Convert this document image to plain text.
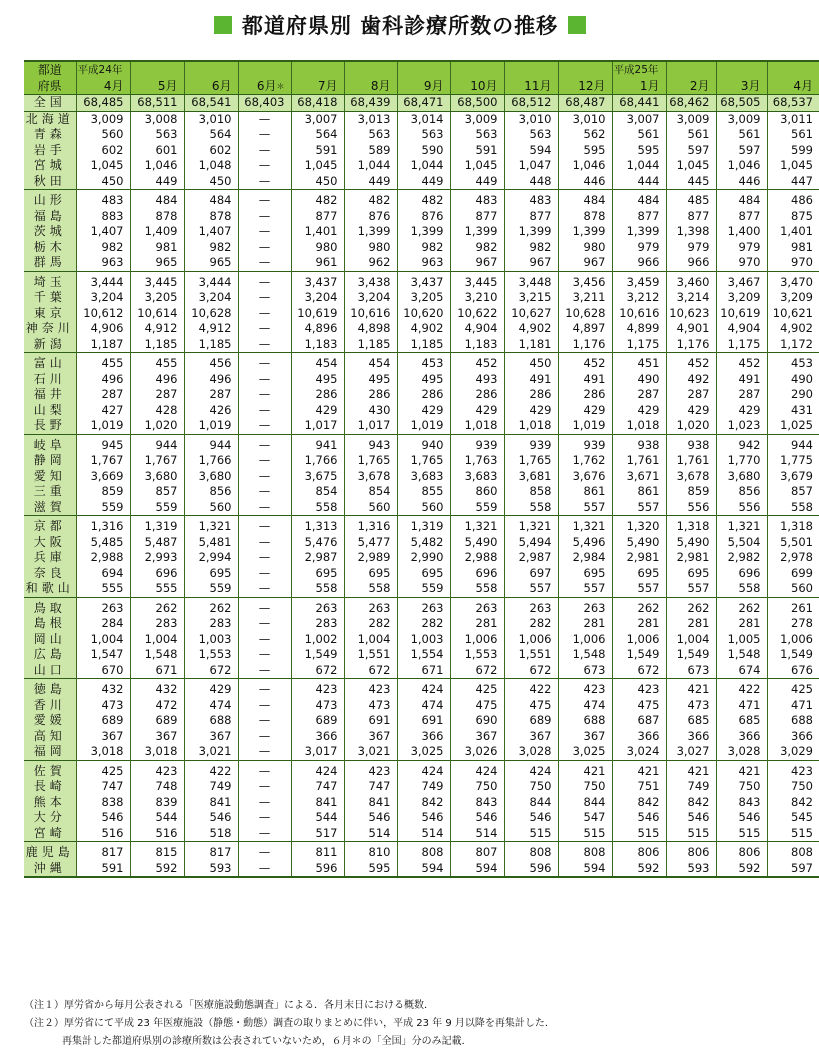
都道府県別 歯科診療所数の推移
都道	平成24年										平成25年			

府県	4月	5月	6月	6月＊	7月	8月	9月	10月	11月	12月	1月	2月	3月	4月
全国	68,485	68,511	68,541	68,403	68,418	68,439	68,471	68,500	68,512	68,487	68,441	68,462	68,505	68,537
北海道	3,009	3,008	3,010	—	3,007	3,013	3,014	3,009	3,010	3,010	3,007	3,009	3,009	3,011
青森	560	563	564	—	564	563	563	563	563	562	561	561	561	561
岩手	602	601	602	—	591	589	590	591	594	595	595	597	597	599
宮城	1,045	1,046	1,048	—	1,045	1,044	1,044	1,045	1,047	1,046	1,044	1,045	1,046	1,045
秋田	450	449	450	—	450	449	449	449	448	446	444	445	446	447
山形	483	484	484	—	482	482	482	483	483	484	484	485	484	486
福島	883	878	878	—	877	876	876	877	877	878	877	877	877	875
茨城	1,407	1,409	1,407	—	1,401	1,399	1,399	1,399	1,399	1,399	1,399	1,398	1,400	1,401
栃木	982	981	982	—	980	980	982	982	982	980	979	979	979	981
群馬	963	965	965	—	961	962	963	967	967	967	966	966	970	970
埼玉	3,444	3,445	3,444	—	3,437	3,438	3,437	3,445	3,448	3,456	3,459	3,460	3,467	3,470
千葉	3,204	3,205	3,204	—	3,204	3,204	3,205	3,210	3,215	3,211	3,212	3,214	3,209	3,209
東京	10,612	10,614	10,628	—	10,619	10,616	10,620	10,622	10,627	10,628	10,616	10,623	10,619	10,621
神奈川	4,906	4,912	4,912	—	4,896	4,898	4,902	4,904	4,902	4,897	4,899	4,901	4,904	4,902
新潟	1,187	1,185	1,185	—	1,183	1,185	1,185	1,183	1,181	1,176	1,175	1,176	1,175	1,172
富山	455	455	456	—	454	454	453	452	450	452	451	452	452	453
石川	496	496	496	—	495	495	495	493	491	491	490	492	491	490
福井	287	287	287	—	286	286	286	286	286	286	287	287	287	290
山梨	427	428	426	—	429	430	429	429	429	429	429	429	429	431
長野	1,019	1,020	1,019	—	1,017	1,017	1,019	1,018	1,018	1,019	1,018	1,020	1,023	1,025
岐阜	945	944	944	—	941	943	940	939	939	939	938	938	942	944
静岡	1,767	1,767	1,766	—	1,766	1,765	1,765	1,763	1,765	1,762	1,761	1,761	1,770	1,775
愛知	3,669	3,680	3,680	—	3,675	3,678	3,683	3,683	3,681	3,676	3,671	3,678	3,680	3,679
三重	859	857	856	—	854	854	855	860	858	861	861	859	856	857
滋賀	559	559	560	—	558	560	560	559	558	557	557	556	556	558
京都	1,316	1,319	1,321	—	1,313	1,316	1,319	1,321	1,321	1,321	1,320	1,318	1,321	1,318
大阪	5,485	5,487	5,481	—	5,476	5,477	5,482	5,490	5,494	5,496	5,490	5,490	5,504	5,501
兵庫	2,988	2,993	2,994	—	2,987	2,989	2,990	2,988	2,987	2,984	2,981	2,981	2,982	2,978
奈良	694	696	695	—	695	695	695	696	697	695	695	695	696	699
和歌山	555	555	559	—	558	558	559	558	557	557	557	557	558	560
鳥取	263	262	262	—	263	263	263	263	263	263	262	262	262	261
島根	284	283	283	—	283	282	282	281	282	281	281	281	281	278
岡山	1,004	1,004	1,003	—	1,002	1,004	1,003	1,006	1,006	1,006	1,006	1,004	1,005	1,006
広島	1,547	1,548	1,553	—	1,549	1,551	1,554	1,553	1,551	1,548	1,549	1,549	1,548	1,549
山口	670	671	672	—	672	672	671	672	672	673	672	673	674	676
徳島	432	432	429	—	423	423	424	425	422	423	423	421	422	425
香川	473	472	474	—	473	473	474	475	475	474	475	473	471	471
愛媛	689	689	688	—	689	691	691	690	689	688	687	685	685	688
高知	367	367	367	—	366	367	366	367	367	367	366	366	366	366
福岡	3,018	3,018	3,021	—	3,017	3,021	3,025	3,026	3,028	3,025	3,024	3,027	3,028	3,029
佐賀	425	423	422	—	424	423	424	424	424	421	421	421	421	423
長崎	747	748	749	—	747	747	749	750	750	750	751	749	750	750
熊本	838	839	841	—	841	841	842	843	844	844	842	842	843	842
大分	546	544	546	—	544	546	546	546	546	547	546	546	546	545
宮崎	516	516	518	—	517	514	514	514	515	515	515	515	515	515
鹿児島	817	815	817	—	811	810	808	807	808	808	806	806	806	808
沖縄	591	592	593	—	596	595	594	594	596	594	592	593	592	597
（注１）厚労省から毎月公表される「医療施設動態調査」による．各月末日における概数．
（注２）厚労省にて平成 23 年医療施設（静態・動態）調査の取りまとめに伴い，平成 23 年 9 月以降を再集計した．
再集計した都道府県別の診療所数は公表されていないため，６月＊の「全国」分のみ記載．
